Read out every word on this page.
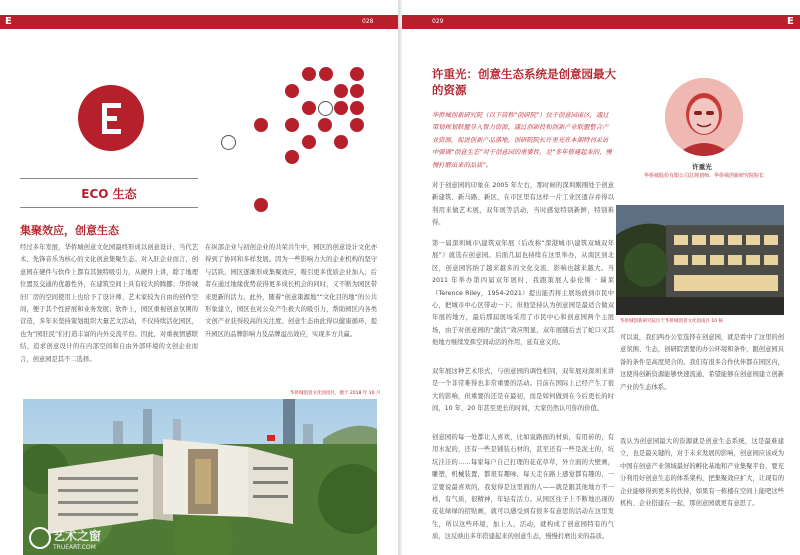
E	028
ECO 生态
集聚效应，创意生态

经过多年发展，华侨城创意文化园最终形成以创意设计、当代艺术、先锋音乐为核心的文化创意集聚生态。对入驻企业而言，创意园在硬件与软件上都有其独特吸引力，从硬件上讲，除了地理位置及交通的优越性外，在建筑空间上具有较大的腾挪；华侨城旧厂房的空间使用上也给予了设计师、艺术家较为自由的创作空间，便于其个性舒展和业务发展；软件上，园区重视创意氛围的营造，多年来坚持策划组织大量艺文活动，不仅持续活化园区，也为“园驻民”们打造丰富的内外交流平台。因此，对重视情感联结、追求创意设计的在内部空间和自由外部环境的文创企业而言，创意园是其不二选择。

在纵部企业与初创企业的共荣共生中，园区的创意设计文化亦得到了协同和多样发展。因为一些影响力大的企业机构的坚守与活跃，园区逐渐形成集聚效应，吸引更多优质企业加入；后者在通过地缘优势获得更多成长机会的同时，又不断为园区带来更新的活力。此外，随着“创意策源地”“文化目的地”的公共形象建立，园区也对公众产生极大的吸引力，帮助园区内各类文创产业获得较高的关注度。创意生态由此得以健康循环，提升园区的品牌影响力及品牌溢出效应，实现多方共赢。

华侨城创意文化园园区，摄于 2018 年 10 月
艺术之窗
TRUEART.COM
029	E
许重光：创意生态系统是创意园最大的资源

华侨城创新研究院（以下简称“创研院”）位于创意园南区，通过策划规划联盟导入智力资源，通过创新投和创新产业联盟整合产业资源，促进创新产品落地。创研院院长许重光在本期特刊采访中强调“创意生态”对于创意园的重要性，是“多年搭建起来的，慢慢打磨出来的品质”。	许重光
华侨城股份有限公司总规划师、华侨城创新研究院院长

对于创意园的印象在 2005 年左右，那时候的深圳刚刚处于创意新建筑、新马路、新区，在市区里有这样一片工业区遗存并得以利用来做艺术展，双年展等活动，当时感觉特别新鲜，特别难得。

第一届深圳城市\建筑双年展（后改称“深港城市\建筑双城双年展”）就选在创意园。后面几届也持续在这里举办，从南区到北区，创意园容纳了越来越多的文化交流、影响也越来越大。当 2011 年举办第四届双年展时，我跟策展人泰伦斯 · 瑞莱（Terence Riley，1954-2021）提出能否将主展场放到市民中心，把城市中心区带动一下。但他坚持认为创意园是最适合做双年展的地方，最后那届展场采用了市民中心和创意园两个主展场，由于对创意园的“激活”效应明显，双年展随后去了蛇口又其他地方继续发挥空间动活的作用，延有意义的。

双年展这种艺术形式，与创意园的调性相同，双年展对深圳来讲是一个非常难得也非常重要的活动。目前在国际上已经产生了很大的影响，但重要的还是在最初，而是如何做到在今后更长的时间，10 年、20 年甚至更长的时间，大家仍然认可你的价值。

创意园的每一处都让人喜欢，比如说路面的材质，有用砖的，有用水泥的，还有一些是铺装石材的，甚至还有一些是泥土的，坑坑洼洼的……每家每户自己打理的花花草草，外立面的大壁画，雕塑，机械装置，都很有趣味，每天走在路上感觉都有趣的，一定要说最喜欢的，我觉得是这里面的人——就是跟其他地方不一样，有气质，很精神，年轻有活力。从园区往子上不断地出现的花花绿绿的招贴画，就可以感受到有很多有意思的活动在这里发生，所以这些环境，加上人，活动，就构成了创意园特有的气质，这反映出多年搭建起来的创意生态，慢慢打磨出来的品质。

华侨城创新研究院位于华侨城创意文化园南区 10 栋

可以说，我们两办公室选择在创意园，就是看中了这里的创意氛围、生态，创研院需要的办公环境和条件，跟创意园具备的条件是高度契合的。我们有很多合作伙伴都在园区内，这使得创新资源能够快速流通，希望能够在创意园建立创新产业的生态体系。

我认为创意园最大的资源就是创意生态系统，这是最难建立，也是最关键的，对于未来发展的影响，创意园应该成为中国在创意产业领域最好的孵化基地和产业集聚平台，要充分利用好创意生态的体系架构，把集聚效应扩大，让现有的企业能够得到更多的扶持，如果有一栋楼在空间上能吧这些机构、企业搭建在一起，那创意园就更有意思了。
